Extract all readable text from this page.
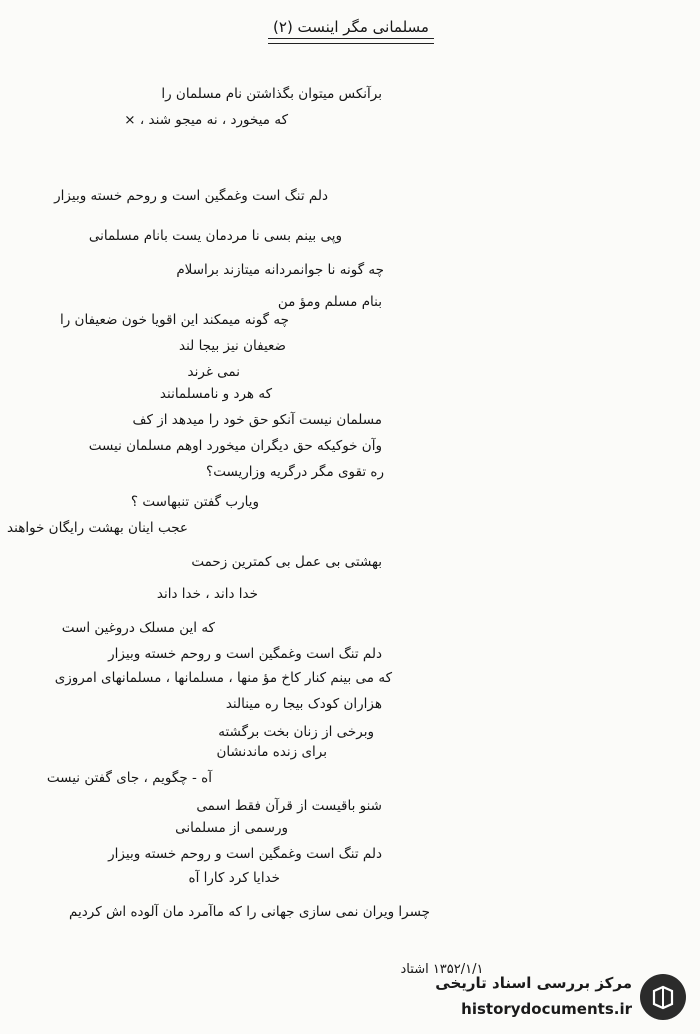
مسلمانی مگر اینست (۲)
برآنکس میتوان بگذاشتن نام مسلمان را
که میخورد ، نه میجو شند ، ×
دلم تنگ است وغمگین است و روحم خسته وبیزار
وپی بینم بسی نا مردمان یست بانام مسلمانی
چه گونه نا جوانمردانه میتازند براسلام
بنام مسلم ومؤ من
چه گونه میمکند این اقویا خون ضعیفان را
ضعیفان نیز بیجا لند
نمی غرند
که هرد و نامسلمانند
مسلمان نیست آنکو حق خود را میدهد از کف
وآن خوکیکه حق دیگران میخورد اوهم مسلمان نیست
ره تقوی مگر درگریه وزاریست؟
ویارب گفتن تنبهاست ؟
عجب اینان بهشت رایگان خواهند
بهشتی بی عمل بی کمترین زحمت
خدا داند ، خدا داند
که این مسلک دروغین است
دلم تنگ است وغمگین است و روحم خسته وبیزار
که می بینم کنار کاخ مؤ منها ، مسلمانها ، مسلمانهای امروزی
هزاران کودک بیجا ره مینالند
وبرخی از زنان بخت برگشته
برای زنده ماندنشان
آه - چگویم ، جای گفتن نیست
شنو باقیست از قرآن فقط اسمی
ورسمی از مسلمانی
دلم تنگ است وغمگین است و روحم خسته وبیزار
خدایا کرد کارا آه
چسرا ویران نمی سازی جهانی را که ماآمرد مان آلوده اش کردیم
۱۳۵۲/۱/۱ اشتاد
مرکز بررسی اسناد تاریخی
historydocuments.ir
